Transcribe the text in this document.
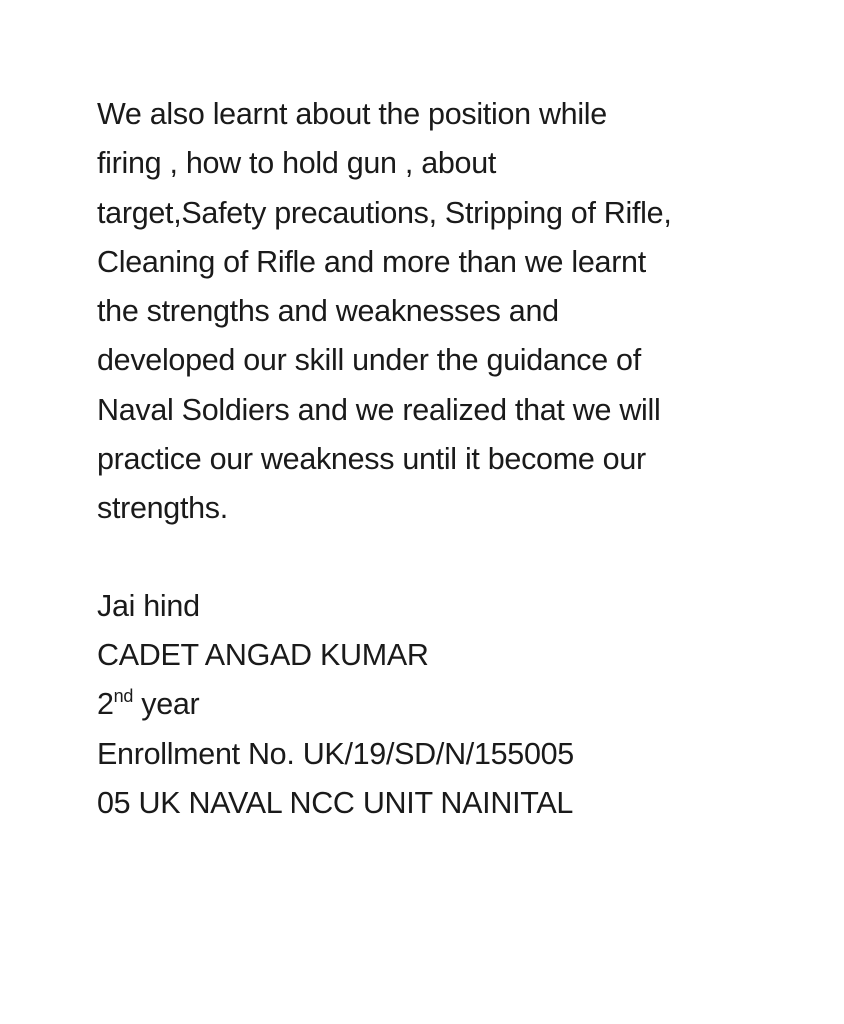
We also learnt about the position while
firing , how to hold gun , about
target,Safety precautions, Stripping of Rifle,
Cleaning of Rifle and more than we learnt
the strengths and weaknesses and
developed our skill under the guidance of
Naval Soldiers and we realized that we will
practice our weakness until it become our
strengths.

Jai hind
CADET ANGAD KUMAR
2nd year
Enrollment No. UK/19/SD/N/155005
05 UK NAVAL NCC UNIT NAINITAL
